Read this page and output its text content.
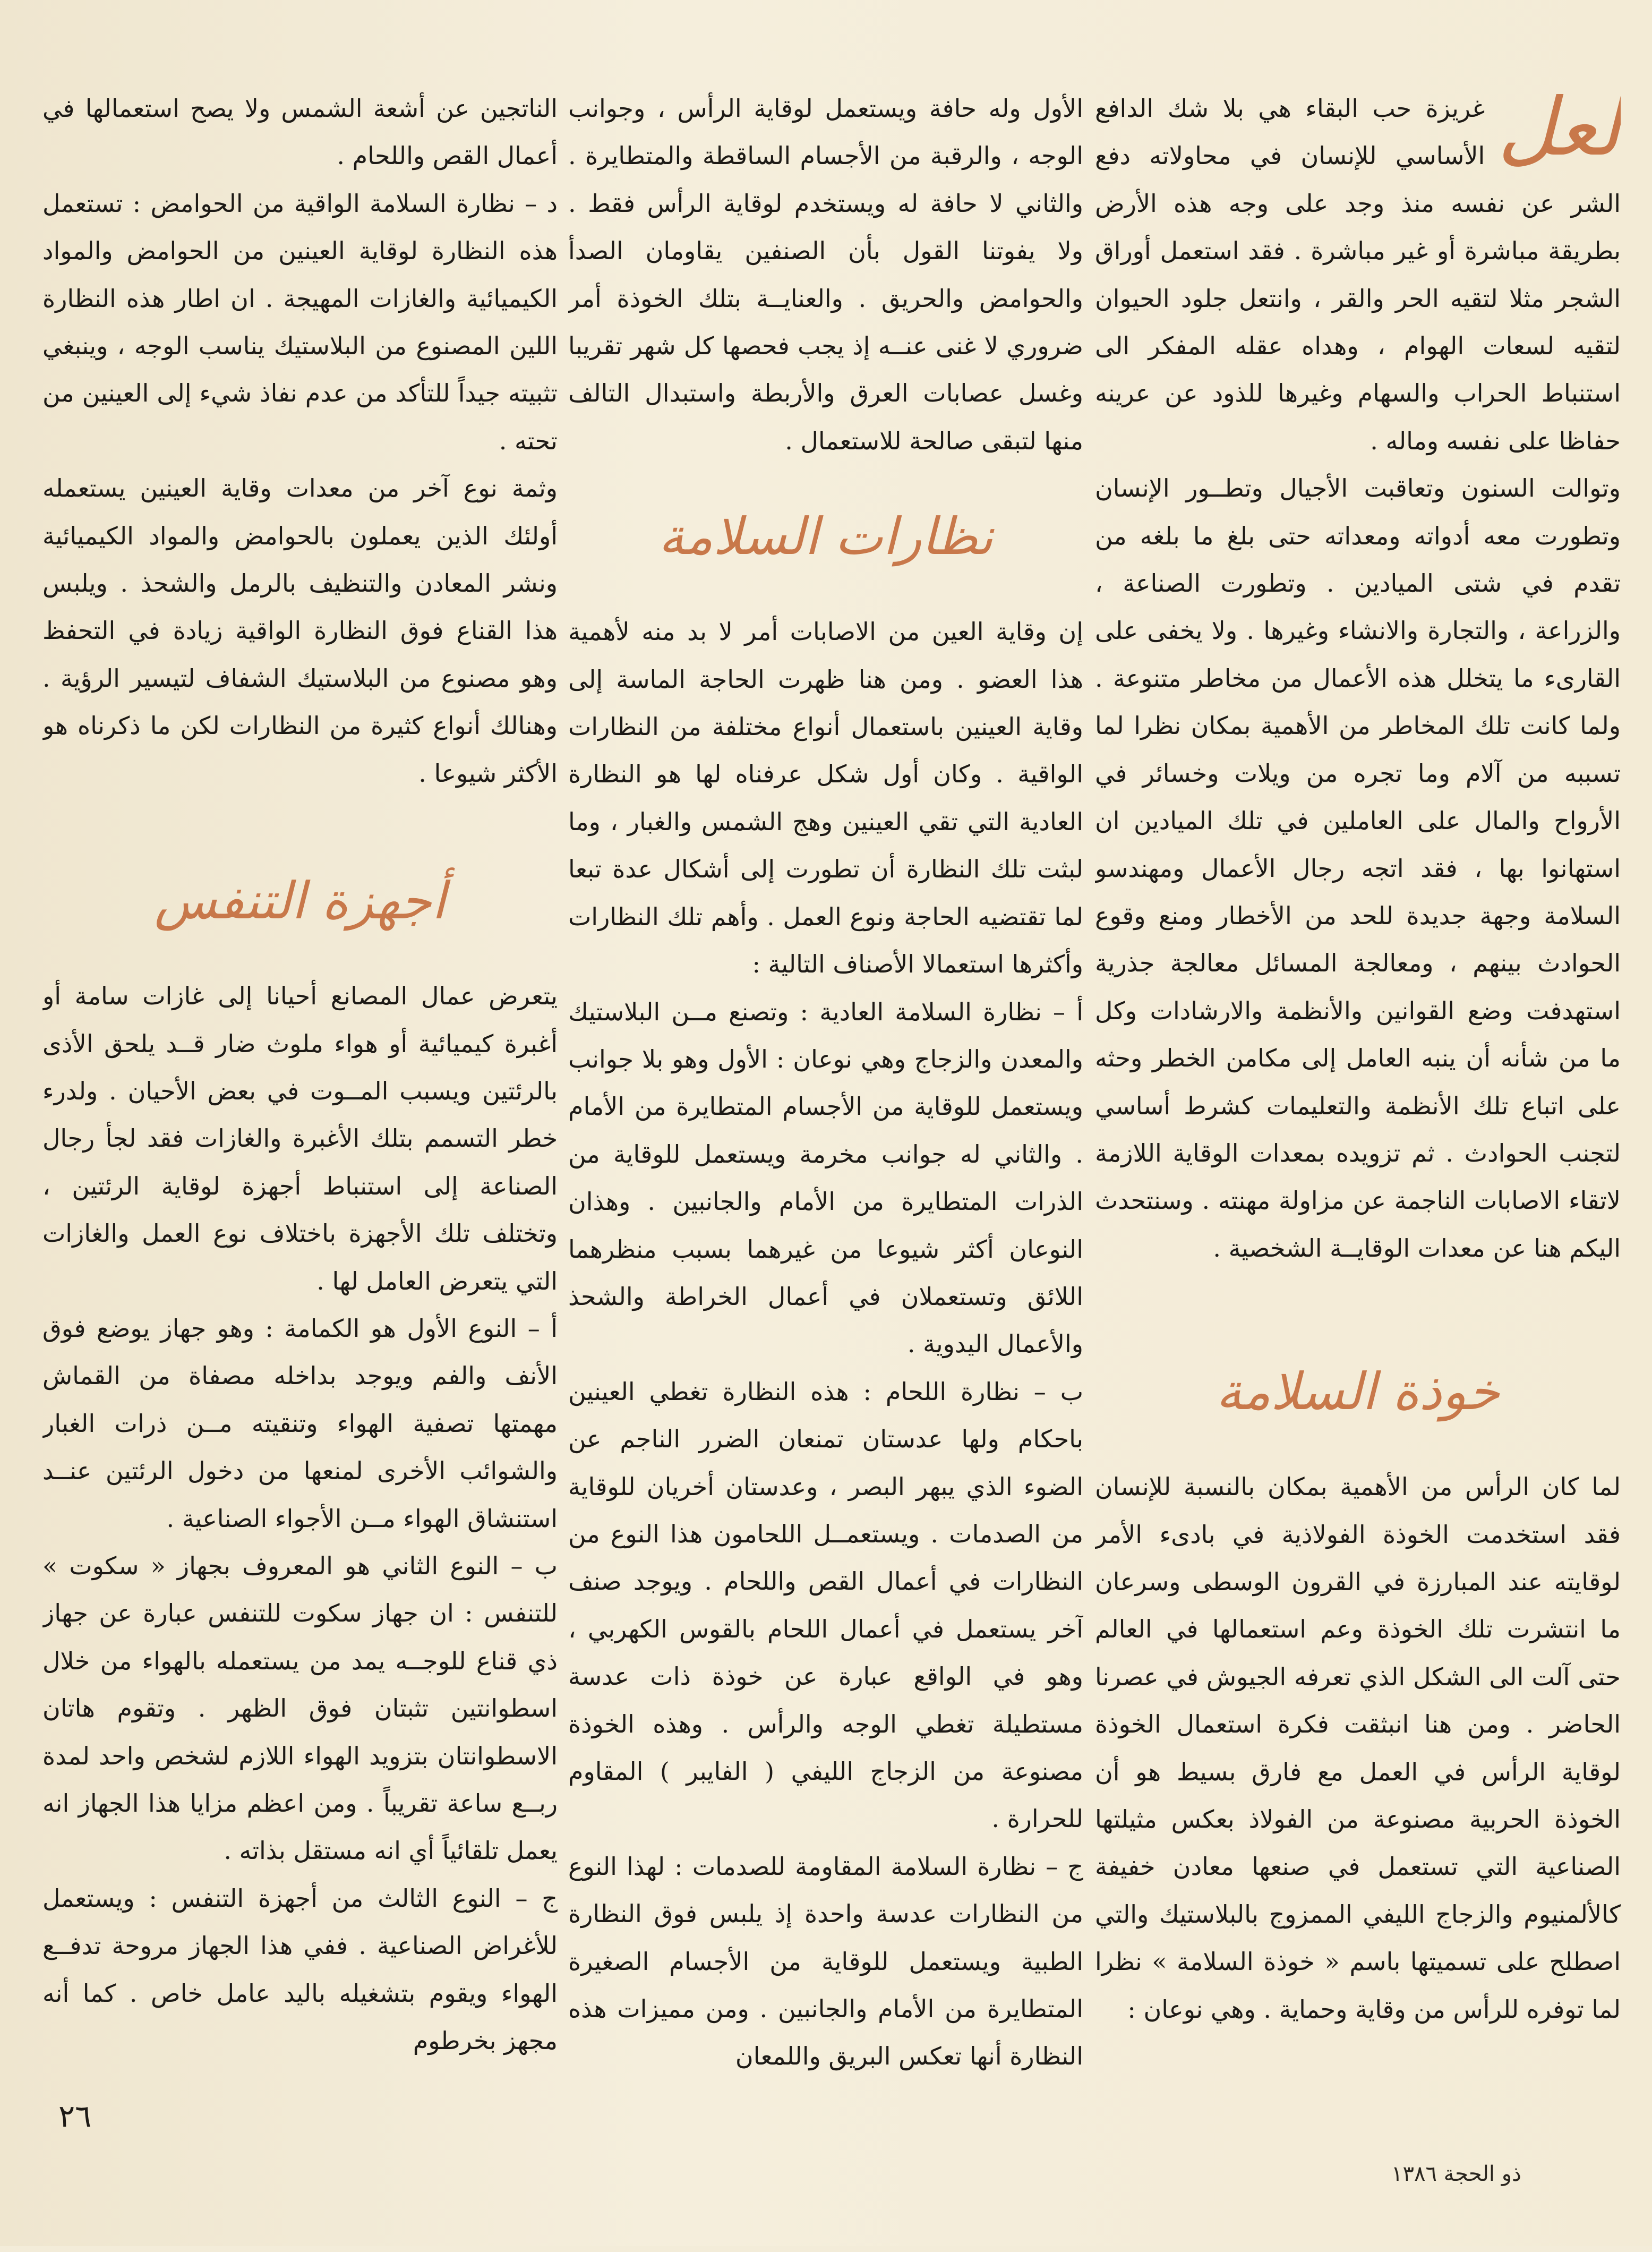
لعل
غريزة حب البقاء هي بلا شك الدافع الأساسي للإنسان في محاولاته دفع الشر عن نفسه منذ وجد على وجه هذه الأرض بطريقة مباشرة أو غير مباشرة . فقد استعمل أوراق الشجر مثلا لتقيه الحر والقر ، وانتعل جلود الحيوان لتقيه لسعات الهوام ، وهداه عقله المفكر الى استنباط الحراب والسهام وغيرها للذود عن عرينه حفاظا على نفسه وماله .

وتوالت السنون وتعاقبت الأجيال وتطــور الإنسان وتطورت معه أدواته ومعداته حتى بلغ ما بلغه من تقدم في شتى الميادين . وتطورت الصناعة ، والزراعة ، والتجارة والانشاء وغيرها . ولا يخفى على القارىء ما يتخلل هذه الأعمال من مخاطر متنوعة . ولما كانت تلك المخاطر من الأهمية بمكان نظرا لما تسببه من آلام وما تجره من ويلات وخسائر في الأرواح والمال على العاملين في تلك الميادين ان استهانوا بها ، فقد اتجه رجال الأعمال ومهندسو السلامة وجهة جديدة للحد من الأخطار ومنع وقوع الحوادث بينهم ، ومعالجة المسائل معالجة جذرية استهدفت وضع القوانين والأنظمة والارشادات وكل ما من شأنه أن ينبه العامل إلى مكامن الخطر وحثه على اتباع تلك الأنظمة والتعليمات كشرط أساسي لتجنب الحوادث . ثم تزويده بمعدات الوقاية اللازمة لاتقاء الاصابات الناجمة عن مزاولة مهنته . وسنتحدث اليكم هنا عن معدات الوقايــة الشخصية .

خوذة السلامة

لما كان الرأس من الأهمية بمكان بالنسبة للإنسان فقد استخدمت الخوذة الفولاذية في بادىء الأمر لوقايته عند المبارزة في القرون الوسطى وسرعان ما انتشرت تلك الخوذة وعم استعمالها في العالم حتى آلت الى الشكل الذي تعرفه الجيوش في عصرنا الحاضر . ومن هنا انبثقت فكرة استعمال الخوذة لوقاية الرأس في العمل مع فارق بسيط هو أن الخوذة الحربية مصنوعة من الفولاذ بعكس مثيلتها الصناعية التي تستعمل في صنعها معادن خفيفة كالألمنيوم والزجاج الليفي الممزوج بالبلاستيك والتي اصطلح على تسميتها باسم « خوذة السلامة » نظرا لما توفره للرأس من وقاية وحماية . وهي نوعان :

الأول وله حافة ويستعمل لوقاية الرأس ، وجوانب الوجه ، والرقبة من الأجسام الساقطة والمتطايرة . والثاني لا حافة له ويستخدم لوقاية الرأس فقط . ولا يفوتنا القول بأن الصنفين يقاومان الصدأ والحوامض والحريق . والعنايــة بتلك الخوذة أمر ضروري لا غنى عنــه إذ يجب فحصها كل شهر تقريبا وغسل عصابات العرق والأربطة واستبدال التالف منها لتبقى صالحة للاستعمال .

نظارات السلامة

إن وقاية العين من الاصابات أمر لا بد منه لأهمية هذا العضو . ومن هنا ظهرت الحاجة الماسة إلى وقاية العينين باستعمال أنواع مختلفة من النظارات الواقية . وكان أول شكل عرفناه لها هو النظارة العادية التي تقي العينين وهج الشمس والغبار ، وما لبثت تلك النظارة أن تطورت إلى أشكال عدة تبعا لما تقتضيه الحاجة ونوع العمل . وأهم تلك النظارات وأكثرها استعمالا الأصناف التالية :

أ – نظارة السلامة العادية : وتصنع مــن البلاستيك والمعدن والزجاج وهي نوعان : الأول وهو بلا جوانب ويستعمل للوقاية من الأجسام المتطايرة من الأمام . والثاني له جوانب مخرمة ويستعمل للوقاية من الذرات المتطايرة من الأمام والجانبين . وهذان النوعان أكثر شيوعا من غيرهما بسبب منظرهما اللائق وتستعملان في أعمال الخراطة والشحذ والأعمال اليدوية .

ب – نظارة اللحام : هذه النظارة تغطي العينين باحكام ولها عدستان تمنعان الضرر الناجم عن الضوء الذي يبهر البصر ، وعدستان أخريان للوقاية من الصدمات . ويستعمــل اللحامون هذا النوع من النظارات في أعمال القص واللحام . ويوجد صنف آخر يستعمل في أعمال اللحام بالقوس الكهربي ، وهو في الواقع عبارة عن خوذة ذات عدسة مستطيلة تغطي الوجه والرأس . وهذه الخوذة مصنوعة من الزجاج الليفي ( الفايبر ) المقاوم للحرارة .

ج – نظارة السلامة المقاومة للصدمات : لهذا النوع من النظارات عدسة واحدة إذ يلبس فوق النظارة الطبية ويستعمل للوقاية من الأجسام الصغيرة المتطايرة من الأمام والجانبين . ومن مميزات هذه النظارة أنها تعكس البريق واللمعان

الناتجين عن أشعة الشمس ولا يصح استعمالها في أعمال القص واللحام .

د – نظارة السلامة الواقية من الحوامض : تستعمل هذه النظارة لوقاية العينين من الحوامض والمواد الكيميائية والغازات المهيجة . ان اطار هذه النظارة اللين المصنوع من البلاستيك يناسب الوجه ، وينبغي تثبيته جيداً للتأكد من عدم نفاذ شيء إلى العينين من تحته .

وثمة نوع آخر من معدات وقاية العينين يستعمله أولئك الذين يعملون بالحوامض والمواد الكيميائية ونشر المعادن والتنظيف بالرمل والشحذ . ويلبس هذا القناع فوق النظارة الواقية زيادة في التحفظ وهو مصنوع من البلاستيك الشفاف لتيسير الرؤية . وهنالك أنواع كثيرة من النظارات لكن ما ذكرناه هو الأكثر شيوعا .

أجهزة التنفس

يتعرض عمال المصانع أحيانا إلى غازات سامة أو أغبرة كيميائية أو هواء ملوث ضار قــد يلحق الأذى بالرئتين ويسبب المــوت في بعض الأحيان . ولدرء خطر التسمم بتلك الأغبرة والغازات فقد لجأ رجال الصناعة إلى استنباط أجهزة لوقاية الرئتين ، وتختلف تلك الأجهزة باختلاف نوع العمل والغازات التي يتعرض العامل لها .

أ – النوع الأول هو الكمامة : وهو جهاز يوضع فوق الأنف والفم ويوجد بداخله مصفاة من القماش مهمتها تصفية الهواء وتنقيته مــن ذرات الغبار والشوائب الأخرى لمنعها من دخول الرئتين عنــد استنشاق الهواء مــن الأجواء الصناعية .

ب – النوع الثاني هو المعروف بجهاز « سكوت » للتنفس : ان جهاز سكوت للتنفس عبارة عن جهاز ذي قناع للوجــه يمد من يستعمله بالهواء من خلال اسطوانتين تثبتان فوق الظهر . وتقوم هاتان الاسطوانتان بتزويد الهواء اللازم لشخص واحد لمدة ربــع ساعة تقريباً . ومن اعظم مزايا هذا الجهاز انه يعمل تلقائياً أي انه مستقل بذاته .

ج – النوع الثالث من أجهزة التنفس : ويستعمل للأغراض الصناعية . ففي هذا الجهاز مروحة تدفــع الهواء ويقوم بتشغيله باليد عامل خاص . كما أنه مجهز بخرطوم

٢٦
ذو الحجة ١٣٨٦
